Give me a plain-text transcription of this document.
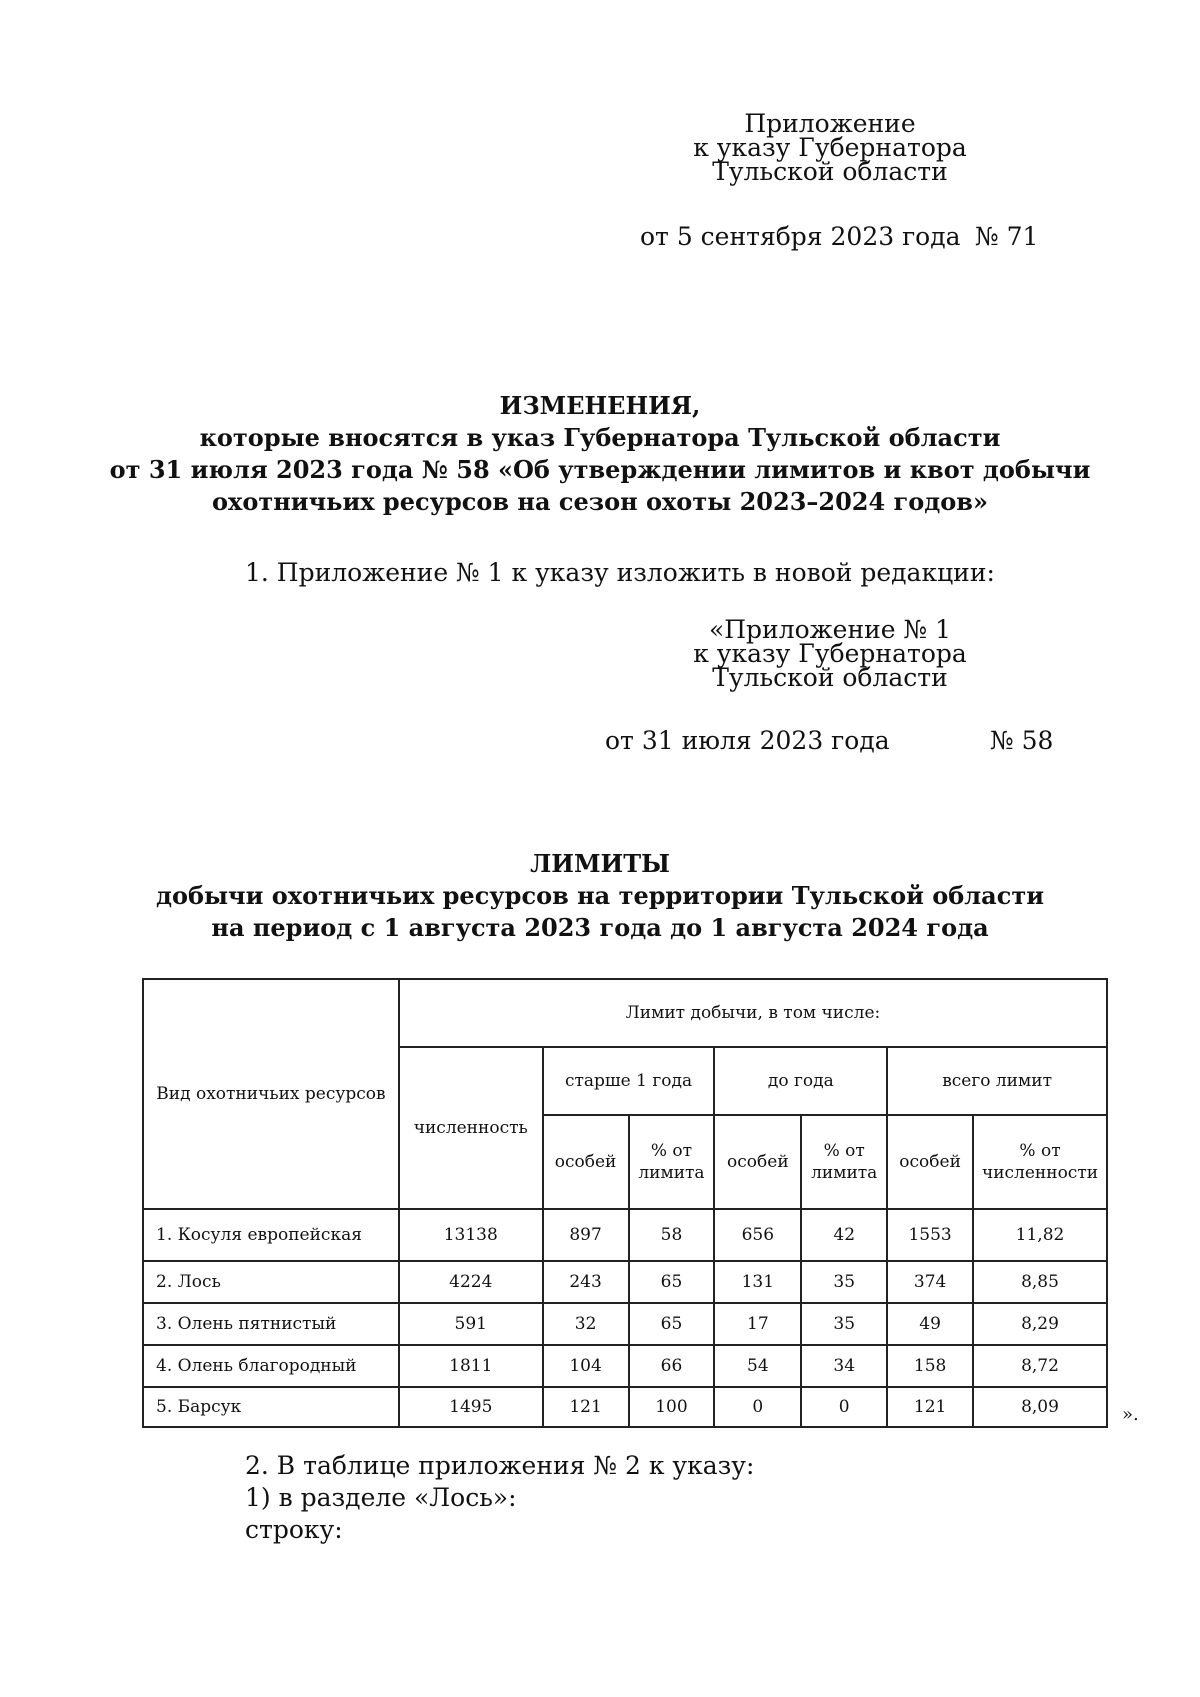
Приложение
к указу Губернатора
Тульской области
от 5 сентября 2023 года № 71
ИЗМЕНЕНИЯ,
которые вносятся в указ Губернатора Тульской области
от 31 июля 2023 года № 58 «Об утверждении лимитов и квот добычи
охотничьих ресурсов на сезон охоты 2023–2024 годов»
1. Приложение № 1 к указу изложить в новой редакции:
«Приложение № 1
к указу Губернатора
Тульской области
от 31 июля 2023 года	№ 58
ЛИМИТЫ
добычи охотничьих ресурсов на территории Тульской области
на период с 1 августа 2023 года до 1 августа 2024 года
Вид охотничьих ресурсов	Лимит добычи, в том числе:						
	численность	старше 1 года		до года		всего лимит	
		особей	% от лимита	особей	% от лимита	особей	% от численности
1. Косуля европейская	13138	897	58	656	42	1553	11,82
2. Лось	4224	243	65	131	35	374	8,85
3. Олень пятнистый	591	32	65	17	35	49	8,29
4. Олень благородный	1811	104	66	54	34	158	8,72
5. Барсук	1495	121	100	0	0	121	8,09	».
2. В таблице приложения № 2 к указу:
1) в разделе «Лось»:
строку:
